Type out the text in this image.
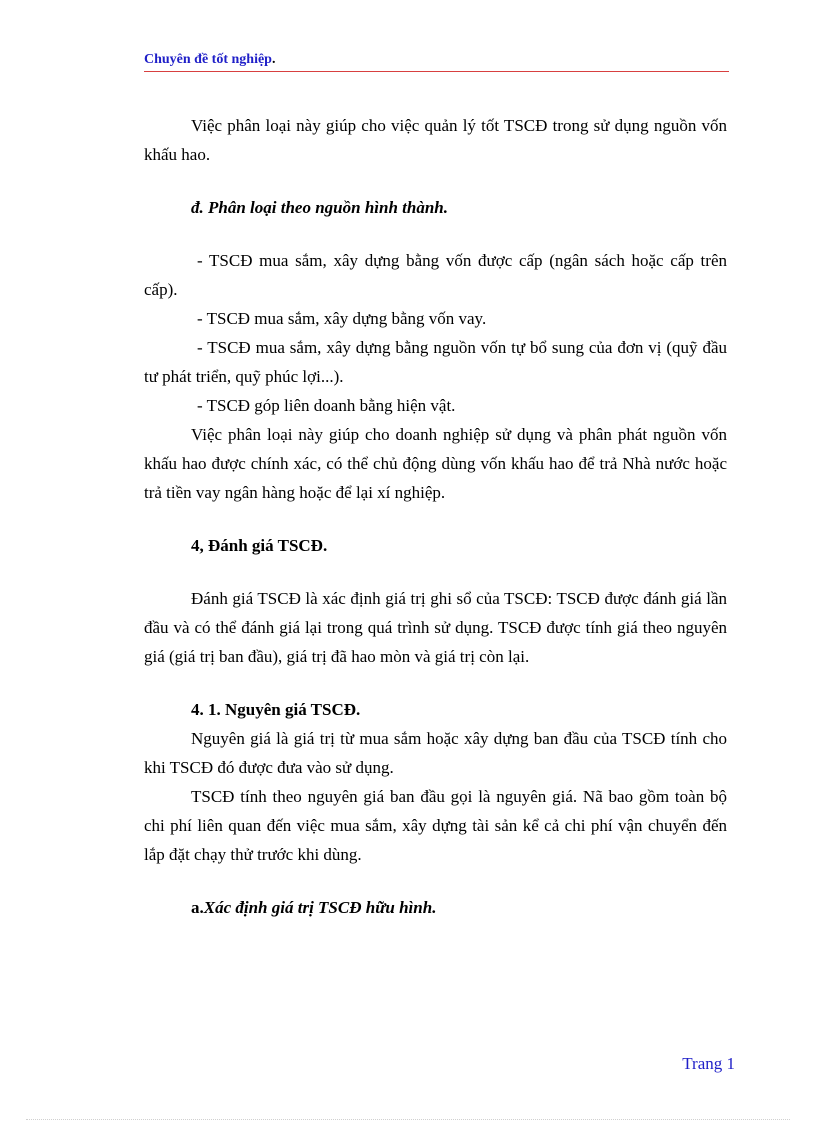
Chuyên đề tốt nghiệp.

Việc phân loại này giúp cho việc quản lý tốt TSCĐ trong sử dụng nguồn vốn khấu hao.

đ. Phân loại theo nguồn hình thành.

- TSCĐ mua sắm, xây dựng bằng vốn được cấp (ngân sách hoặc cấp trên cấp).

- TSCĐ mua sắm, xây dựng bằng vốn vay.

- TSCĐ mua sắm, xây dựng bằng nguồn vốn tự bổ sung của đơn vị (quỹ đầu tư phát triển, quỹ phúc lợi...).

- TSCĐ góp liên doanh bằng hiện vật.

Việc phân loại này giúp cho doanh nghiệp sử dụng và phân phát nguồn vốn khấu hao được chính xác, có thể chủ động dùng vốn khấu hao để trả Nhà nước hoặc trả tiền vay ngân hàng hoặc để lại xí nghiệp.

4, Đánh giá TSCĐ.

Đánh giá TSCĐ là xác định giá trị ghi sổ của TSCĐ: TSCĐ được đánh giá lần đầu và có thể đánh giá lại trong quá trình sử dụng. TSCĐ được tính giá theo nguyên giá (giá trị ban đầu), giá trị đã hao mòn và giá trị còn lại.

4. 1. Nguyên giá TSCĐ.

Nguyên giá là giá trị từ mua sắm hoặc xây dựng ban đầu của TSCĐ tính cho khi TSCĐ đó được đưa vào sử dụng.

TSCĐ tính theo nguyên giá ban đầu gọi là nguyên giá. Nã bao gồm toàn bộ chi phí liên quan đến việc mua sắm, xây dựng tài sản kể cả chi phí vận chuyển đến lắp đặt chạy thử trước khi dùng.

a.Xác định giá trị TSCĐ hữu hình.

Trang 1
